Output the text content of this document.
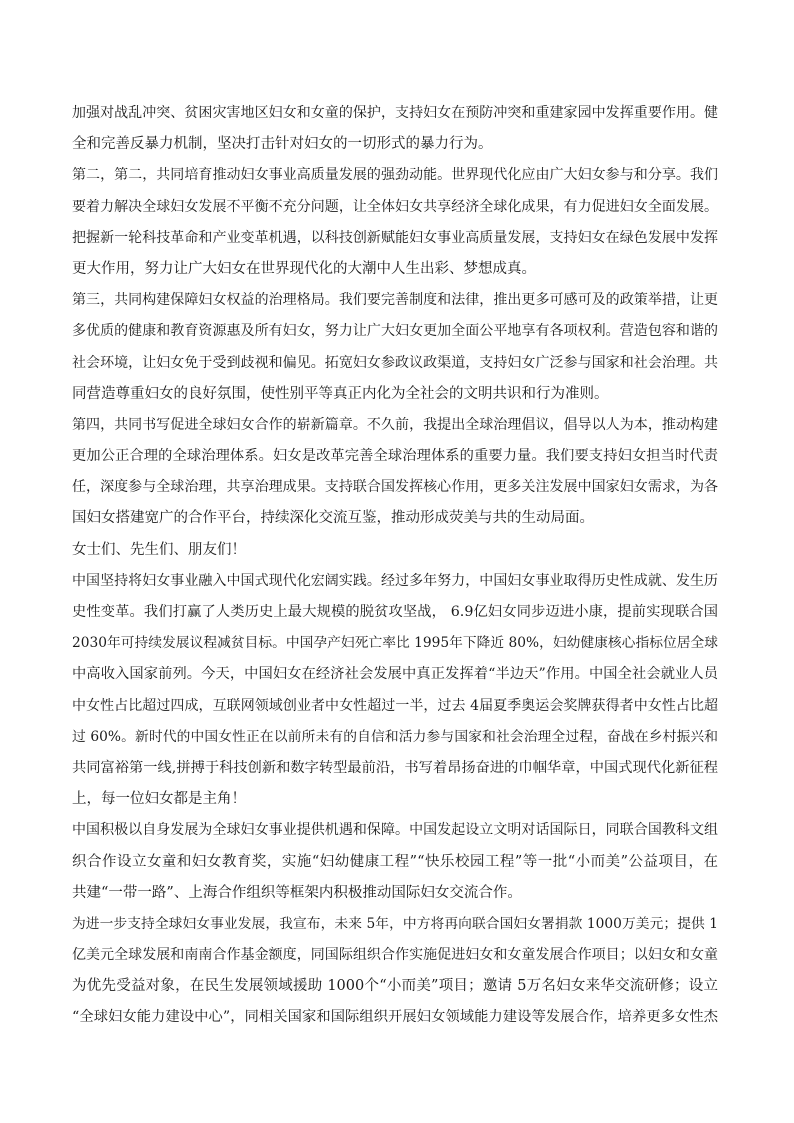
加强对战乱冲突、贫困灾害地区妇女和女童的保护，支持妇女在预防冲突和重建家园中发挥重要作用。健
全和完善反暴力机制，坚决打击针对妇女的一切形式的暴力行为。
第二，第二，共同培育推动妇女事业高质量发展的强劲动能。世界现代化应由广大妇女参与和分享。我们
要着力解决全球妇女发展不平衡不充分问题，让全体妇女共享经济全球化成果，有力促进妇女全面发展。
把握新一轮科技革命和产业变革机遇，以科技创新赋能妇女事业高质量发展，支持妇女在绿色发展中发挥
更大作用，努力让广大妇女在世界现代化的大潮中人生出彩、梦想成真。
第三，共同构建保障妇女权益的治理格局。我们要完善制度和法律，推出更多可感可及的政策举措，让更
多优质的健康和教育资源惠及所有妇女，努力让广大妇女更加全面公平地享有各项权利。营造包容和谐的
社会环境，让妇女免于受到歧视和偏见。拓宽妇女参政议政渠道，支持妇女广泛参与国家和社会治理。共
同营造尊重妇女的良好氛围，使性别平等真正内化为全社会的文明共识和行为准则。
第四，共同书写促进全球妇女合作的崭新篇章。不久前，我提出全球治理倡议，倡导以人为本，推动构建
更加公正合理的全球治理体系。妇女是改革完善全球治理体系的重要力量。我们要支持妇女担当时代责
任，深度参与全球治理，共享治理成果。支持联合国发挥核心作用，更多关注发展中国家妇女需求，为各
国妇女搭建宽广的合作平台，持续深化交流互鉴，推动形成荧美与共的生动局面。
女士们、先生们、朋友们！
中国坚持将妇女事业融入中国式现代化宏阔实践。经过多年努力，中国妇女事业取得历史性成就、发生历
史性变革。我们打赢了人类历史上最大规模的脱贫攻坚战， 6.9亿妇女同步迈进小康，提前实现联合国
2030年可持续发展议程减贫目标。中国孕产妇死亡率比 1995年下降近 80%，妇幼健康核心指标位居全球
中高收入国家前列。今天，中国妇女在经济社会发展中真正发挥着“半边天”作用。中国全社会就业人员
中女性占比超过四成，互联网领域创业者中女性超过一半，过去 4届夏季奥运会奖牌获得者中女性占比超
过 60%。新时代的中国女性正在以前所未有的自信和活力参与国家和社会治理全过程，奋战在乡村振兴和
共同富裕第一线,拼搏于科技创新和数字转型最前沿，书写着昂扬奋进的巾帼华章，中国式现代化新征程
上，每一位妇女都是主角！
中国积极以自身发展为全球妇女事业提供机遇和保障。中国发起设立文明对话国际日，同联合国教科文组
织合作设立女童和妇女教育奖，实施“妇幼健康工程”“快乐校园工程”等一批“小而美”公益项目，在
共建“一带一路”、上海合作组织等框架内积极推动国际妇女交流合作。
为进一步支持全球妇女事业发展，我宣布，未来 5年，中方将再向联合国妇女署捐款 1000万美元；提供 1
亿美元全球发展和南南合作基金额度，同国际组织合作实施促进妇女和女童发展合作项目；以妇女和女童
为优先受益对象，在民生发展领域援助 1000个“小而美”项目；邀请 5万名妇女来华交流研修；设立
“全球妇女能力建设中心”，同相关国家和国际组织开展妇女领域能力建设等发展合作，培养更多女性杰
